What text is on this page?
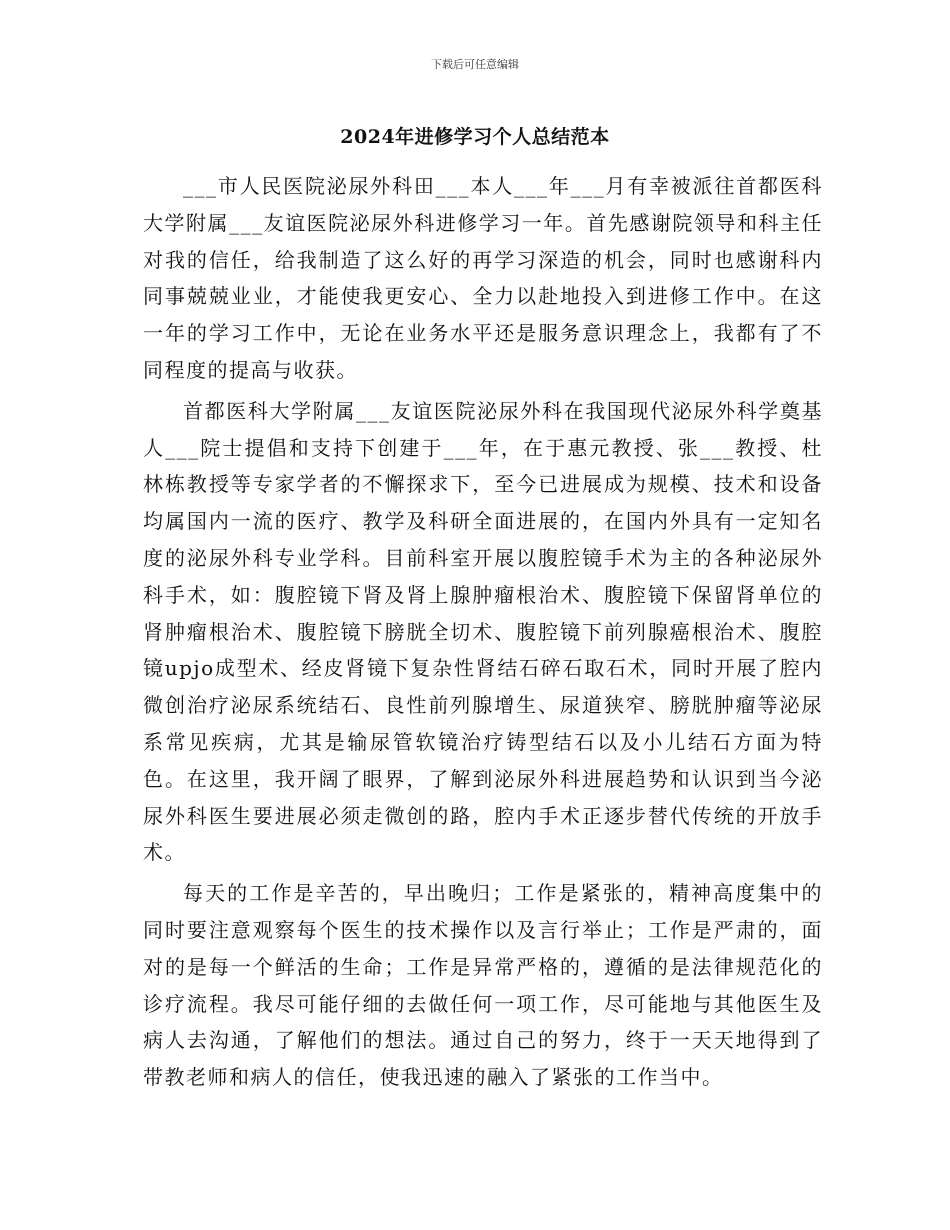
下载后可任意编辑
2024年进修学习个人总结范本

___市人民医院泌尿外科田___本人___年___月有幸被派往首都医科大学附属___友谊医院泌尿外科进修学习一年。首先感谢院领导和科主任对我的信任，给我制造了这么好的再学习深造的机会，同时也感谢科内同事兢兢业业，才能使我更安心、全力以赴地投入到进修工作中。在这一年的学习工作中，无论在业务水平还是服务意识理念上，我都有了不同程度的提高与收获。

首都医科大学附属___友谊医院泌尿外科在我国现代泌尿外科学奠基人___院士提倡和支持下创建于___年，在于惠元教授、张___教授、杜林栋教授等专家学者的不懈探求下，至今已进展成为规模、技术和设备均属国内一流的医疗、教学及科研全面进展的，在国内外具有一定知名度的泌尿外科专业学科。目前科室开展以腹腔镜手术为主的各种泌尿外科手术，如：腹腔镜下肾及肾上腺肿瘤根治术、腹腔镜下保留肾单位的肾肿瘤根治术、腹腔镜下膀胱全切术、腹腔镜下前列腺癌根治术、腹腔镜upjo成型术、经皮肾镜下复杂性肾结石碎石取石术，同时开展了腔内微创治疗泌尿系统结石、良性前列腺增生、尿道狭窄、膀胱肿瘤等泌尿系常见疾病，尤其是输尿管软镜治疗铸型结石以及小儿结石方面为特色。在这里，我开阔了眼界，了解到泌尿外科进展趋势和认识到当今泌尿外科医生要进展必须走微创的路，腔内手术正逐步替代传统的开放手术。

每天的工作是辛苦的，早出晚归；工作是紧张的，精神高度集中的同时要注意观察每个医生的技术操作以及言行举止；工作是严肃的，面对的是每一个鲜活的生命；工作是异常严格的，遵循的是法律规范化的诊疗流程。我尽可能仔细的去做任何一项工作，尽可能地与其他医生及病人去沟通，了解他们的想法。通过自己的努力，终于一天天地得到了带教老师和病人的信任，使我迅速的融入了紧张的工作当中。
